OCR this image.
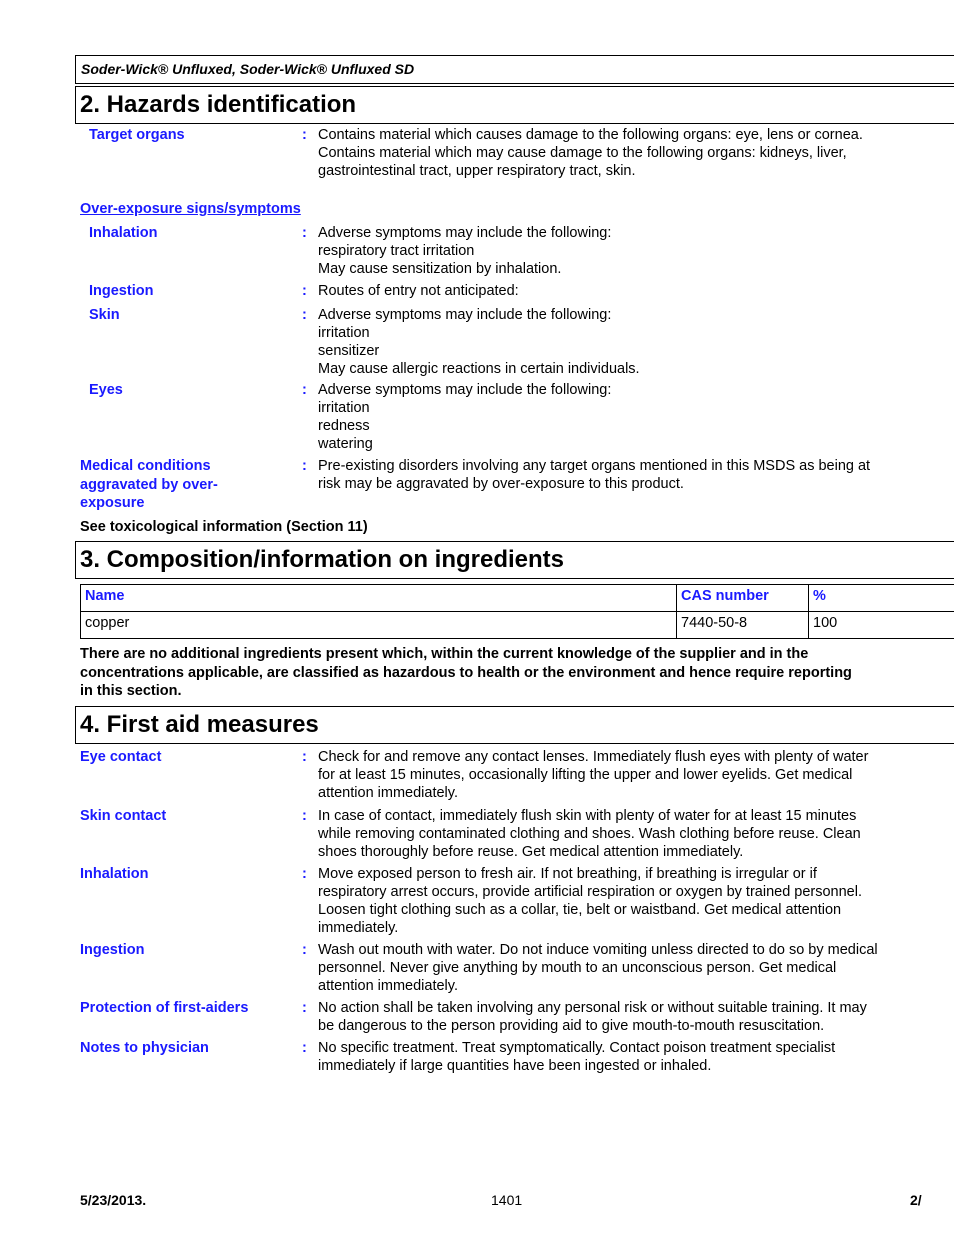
Soder-Wick® Unfluxed, Soder-Wick® Unfluxed SD
2. Hazards identification
Target organs	: Contains material which causes damage to the following organs: eye, lens or cornea.
Contains material which may cause damage to the following organs: kidneys, liver,
gastrointestinal tract, upper respiratory tract, skin.
Over-exposure signs/symptoms
Inhalation	: Adverse symptoms may include the following:
respiratory tract irritation
May cause sensitization by inhalation.
Ingestion	: Routes of entry not anticipated:
Skin	: Adverse symptoms may include the following:
irritation
sensitizer
May cause allergic reactions in certain individuals.
Eyes	: Adverse symptoms may include the following:
irritation
redness
watering
Medical conditions
aggravated by over-
exposure
: Pre-existing disorders involving any target organs mentioned in this MSDS as being at
risk may be aggravated by over-exposure to this product.
See toxicological information (Section 11)
3. Composition/information on ingredients
Name	CAS number	%
copper	7440-50-8	100
There are no additional ingredients present which, within the current knowledge of the supplier and in the
concentrations applicable, are classified as hazardous to health or the environment and hence require reporting
in this section.
4. First aid measures
Eye contact	: Check for and remove any contact lenses. Immediately flush eyes with plenty of water
for at least 15 minutes, occasionally lifting the upper and lower eyelids. Get medical
attention immediately.
Skin contact	: In case of contact, immediately flush skin with plenty of water for at least 15 minutes
while removing contaminated clothing and shoes. Wash clothing before reuse. Clean
shoes thoroughly before reuse. Get medical attention immediately.
Inhalation	: Move exposed person to fresh air. If not breathing, if breathing is irregular or if
respiratory arrest occurs, provide artificial respiration or oxygen by trained personnel.
Loosen tight clothing such as a collar, tie, belt or waistband. Get medical attention
immediately.
Ingestion	: Wash out mouth with water. Do not induce vomiting unless directed to do so by medical
personnel. Never give anything by mouth to an unconscious person. Get medical
attention immediately.
Protection of first-aiders	: No action shall be taken involving any personal risk or without suitable training. It may
be dangerous to the person providing aid to give mouth-to-mouth resuscitation.
Notes to physician	: No specific treatment. Treat symptomatically. Contact poison treatment specialist
immediately if large quantities have been ingested or inhaled.
5/23/2013.	1401	2/
